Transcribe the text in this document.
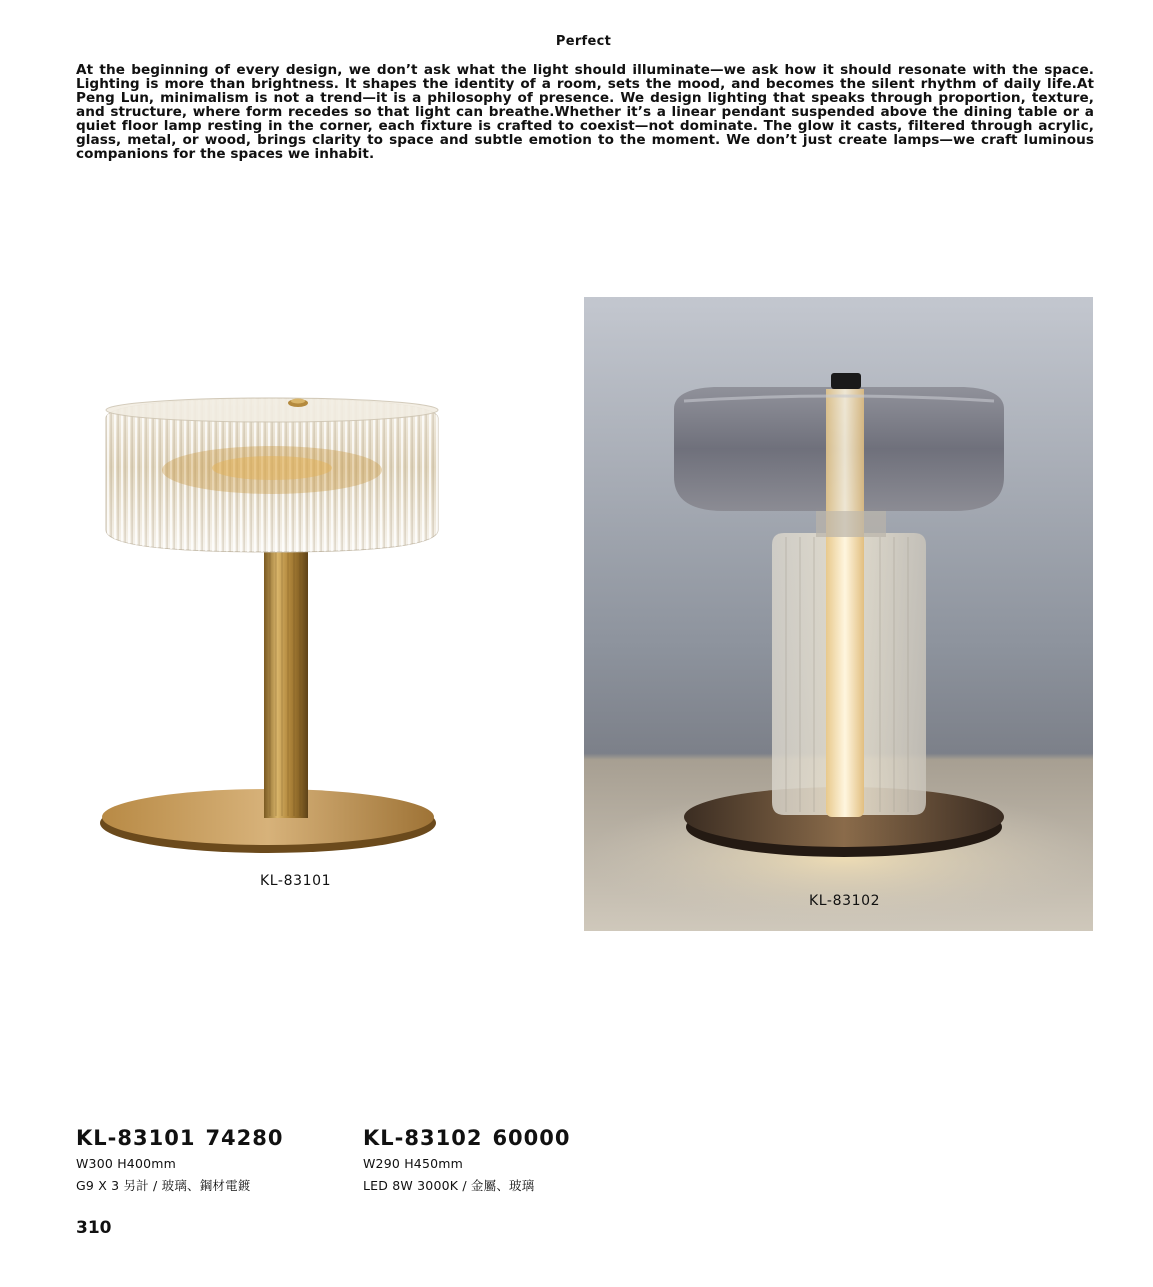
Perfect
At the beginning of every design, we don’t ask what the light should illuminate—we ask how it should resonate with the space. Lighting is more than brightness. It shapes the identity of a room, sets the mood, and becomes the silent rhythm of daily life.At Peng Lun, minimalism is not a trend—it is a philosophy of presence. We design lighting that speaks through proportion, texture, and structure, where form recedes so that light can breathe.Whether it’s a linear pendant suspended above the dining table or a quiet floor lamp resting in the corner, each fixture is crafted to coexist—not dominate. The glow it casts, filtered through acrylic, glass, metal, or wood, brings clarity to space and subtle emotion to the moment. We don’t just create lamps—we craft luminous companions for the spaces we inhabit.
KL-83101
KL-83102
KL-83101 74280
W300 H400mm
G9 X 3 另計 / 玻璃、鋼材電鍍
KL-83102 60000
W290 H450mm
LED 8W 3000K / 金屬、玻璃
310
